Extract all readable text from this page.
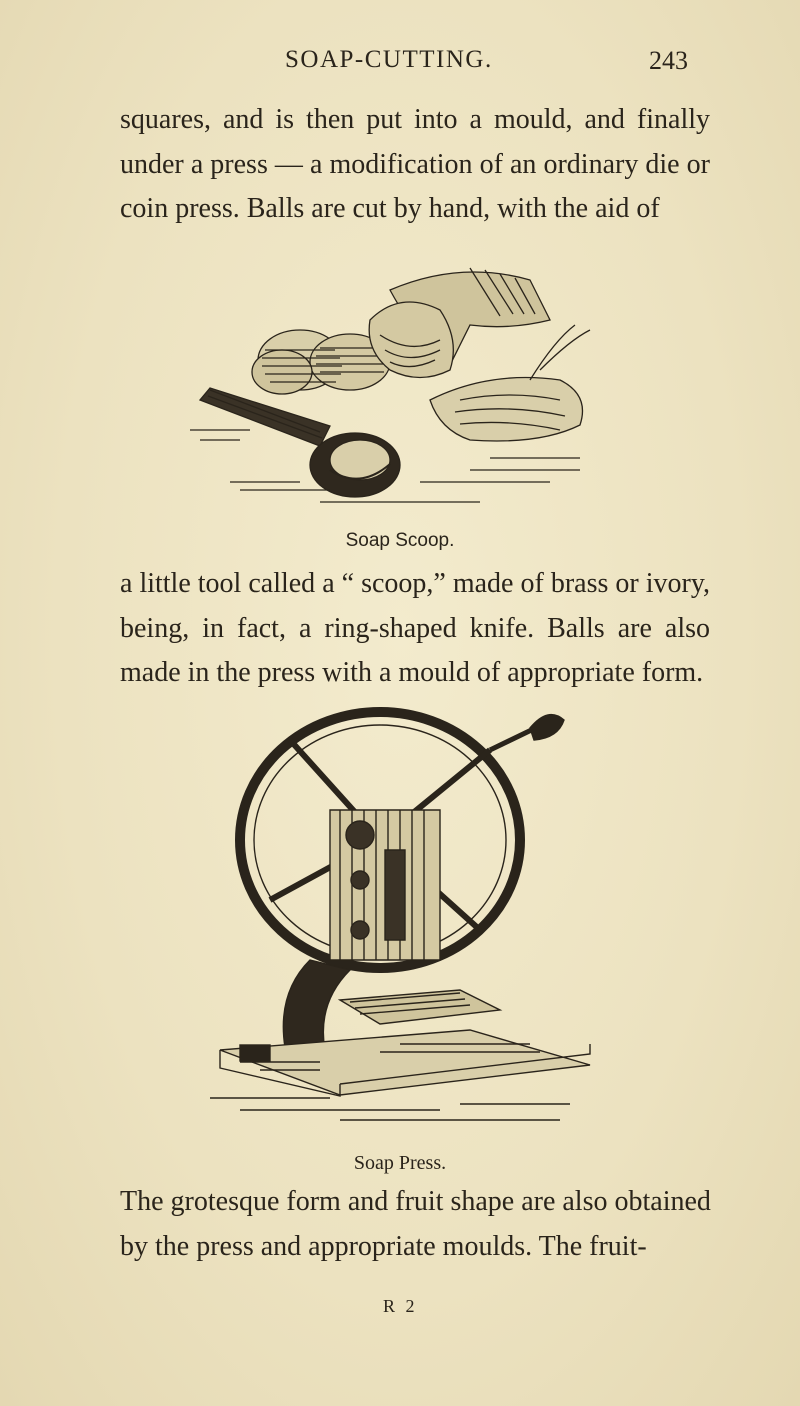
SOAP-CUTTING.	243

squares, and is then put into a mould, and finally
under a press — a modification of an ordinary die or
coin press. Balls are cut by hand, with the aid of

Soap Scoop.

a little tool called a “ scoop,” made of brass or ivory,
being, in fact, a ring-shaped knife. Balls are also
made in the press with a mould of appropriate form.

Soap Press.

The grotesque form and fruit shape are also obtained
by the press and appropriate moulds. The fruit-

R 2
